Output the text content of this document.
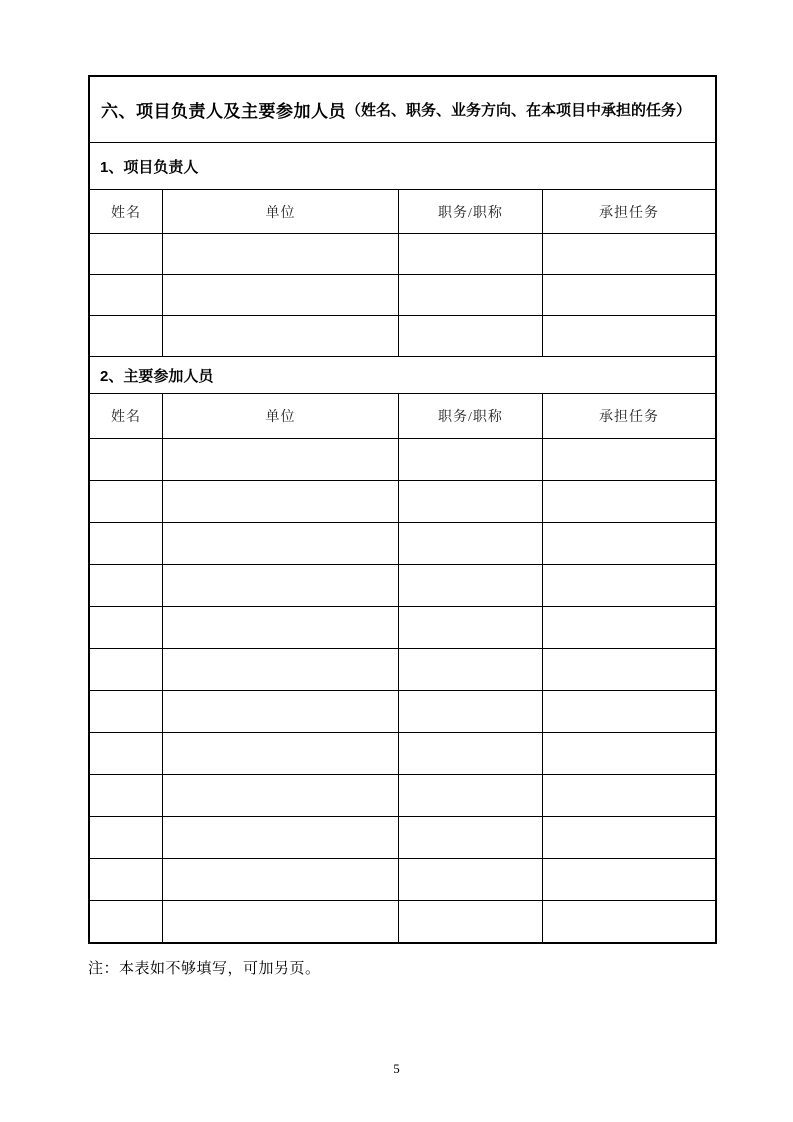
六、项目负责人及主要参加人员 （姓名、职务、业务方向、在本项目中承担的任务）
1、项目负责人
姓名	单位	职务/职称	承担任务
2、主要参加人员
姓名	单位	职务/职称	承担任务
注：本表如不够填写，可加另页。
5
